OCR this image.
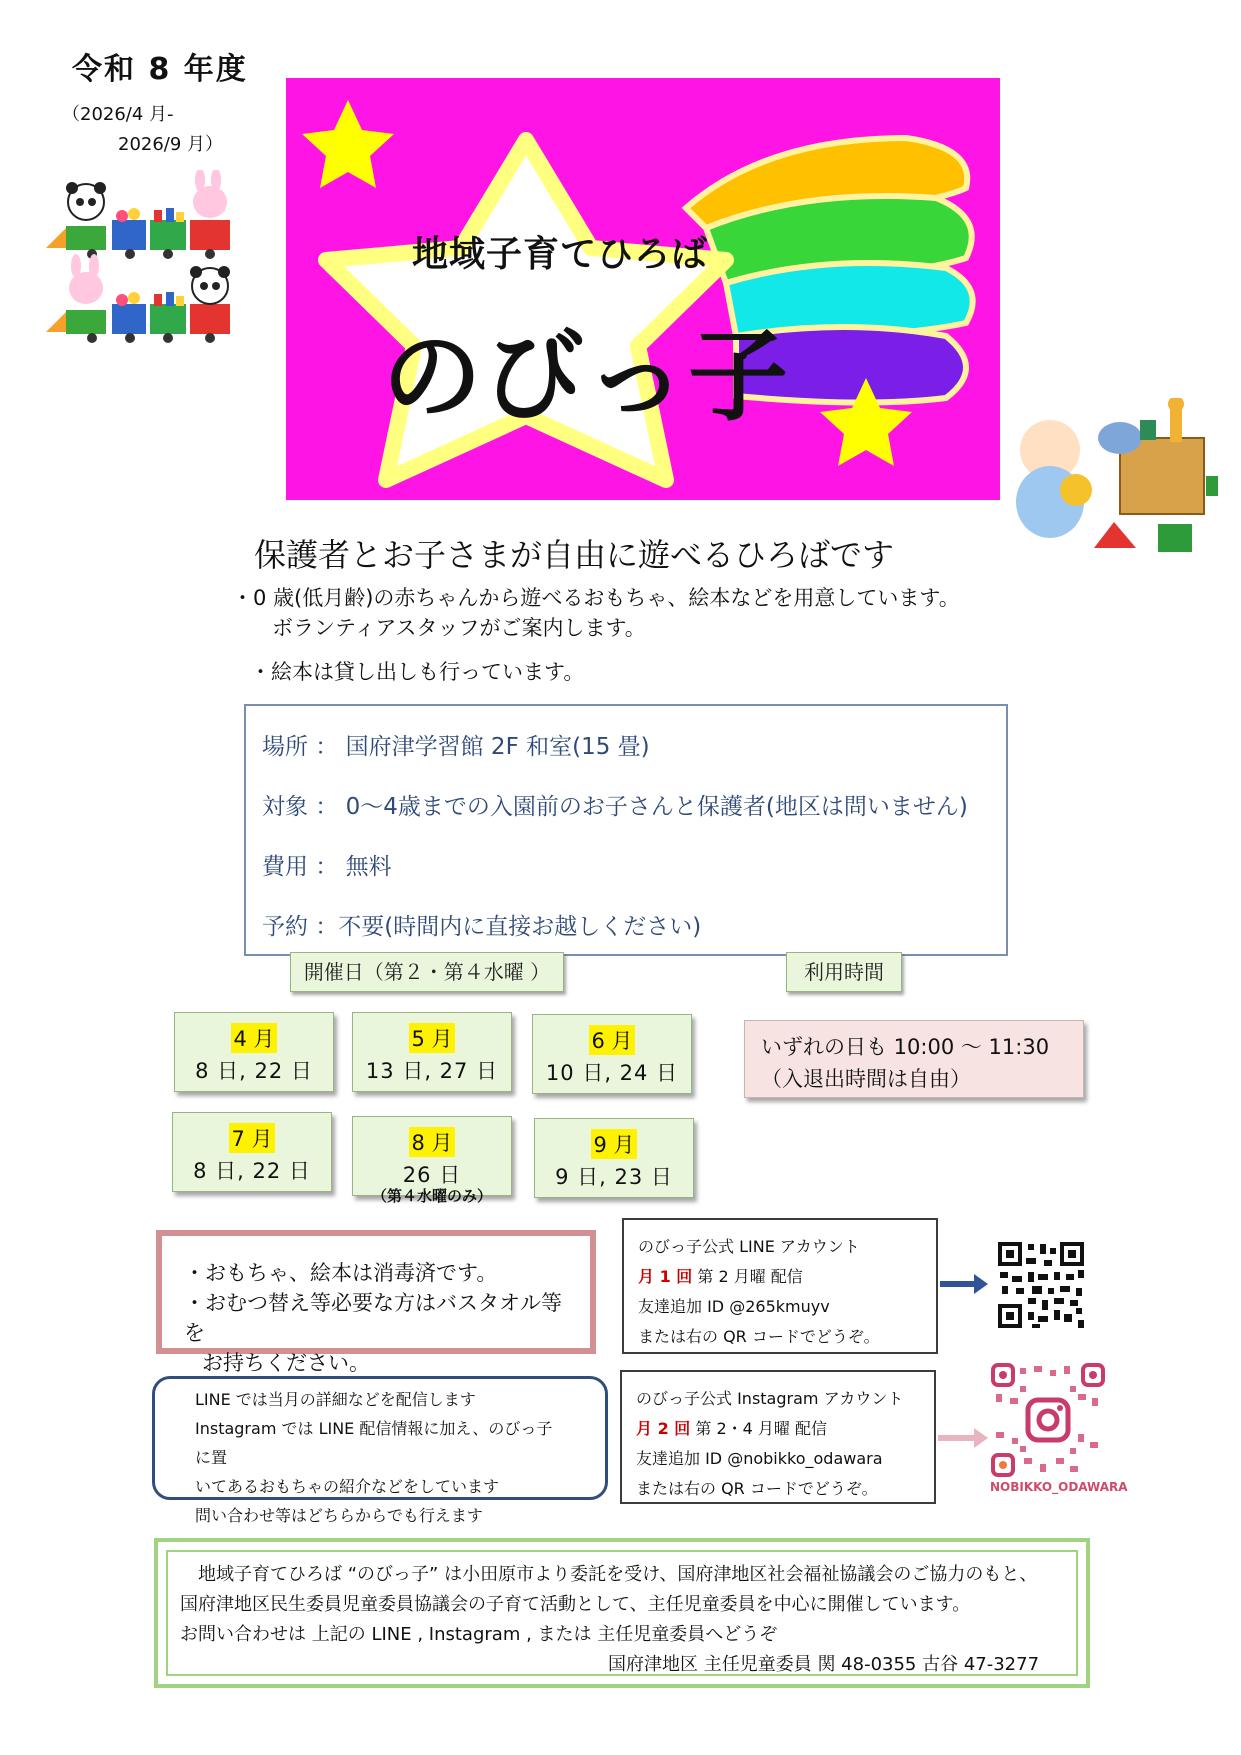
令和 8 年度
（2026/4 月-
2026/9 月）
地域子育てひろば
のびっ子
保護者とお子さまが自由に遊べるひろばです
・0 歳(低月齢)の赤ちゃんから遊べるおもちゃ、絵本などを用意しています。
ボランティアスタッフがご案内します。
・絵本は貸し出しも行っています。
場所 ： 国府津学習館 2F 和室(15 畳)
対象 ： 0～4歳までの入園前のお子さんと保護者(地区は問いません)
費用 ： 無料
予約 ：不要(時間内に直接お越しください)
開催日（第２・第４水曜 ）	利用時間
4 月
8 日, 22 日
5 月
13 日, 27 日
6 月
10 日, 24 日
7 月
8 日, 22 日
8 月
26 日
（第４水曜のみ）
9 月
9 日, 23 日
いずれの日も 10:00 ～ 11:30
（入退出時間は自由）
・おもちゃ、絵本は消毒済です。
・おむつ替え等必要な方はバスタオル等を
お持ちください。
LINE では当月の詳細などを配信します
Instagram では LINE 配信情報に加え、のびっ子に置
いてあるおもちゃの紹介などをしています
問い合わせ等はどちらからでも行えます
のびっ子公式 LINE アカウント
月 1 回 第 2 月曜 配信
友達追加 ID @265kmuyv
または右の QR コードでどうぞ。
のびっ子公式 Instagram アカウント
月 2 回 第 2・4 月曜 配信
友達追加 ID @nobikko_odawara
または右の QR コードでどうぞ。	NOBIKKO_ODAWARA
地域子育てひろば “のびっ子” は小田原市より委託を受け、国府津地区社会福祉協議会のご協力のもと、
国府津地区民生委員児童委員協議会の子育て活動として、主任児童委員を中心に開催しています。
お問い合わせは 上記の LINE , Instagram , または 主任児童委員へどうぞ
国府津地区 主任児童委員 関 48-0355 古谷 47-3277
